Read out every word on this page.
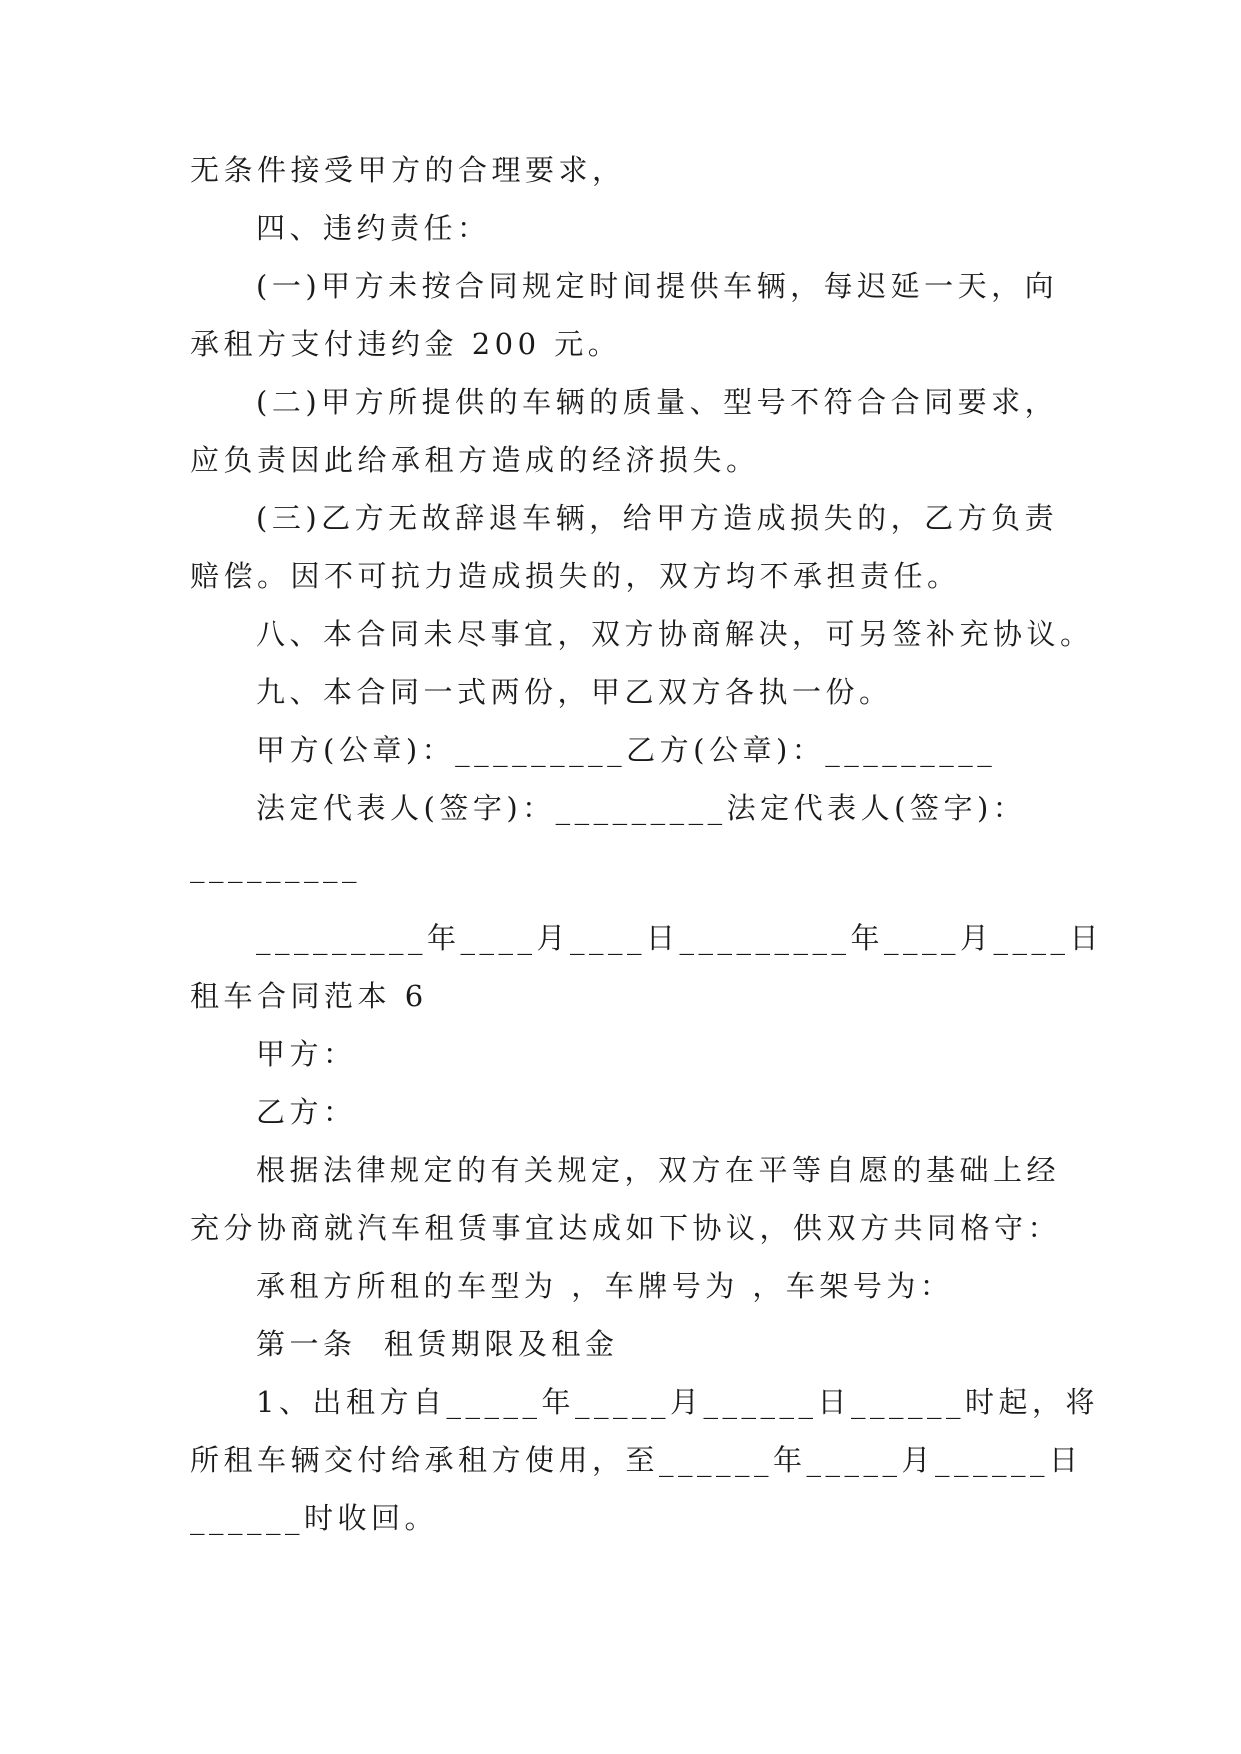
无条件接受甲方的合理要求，
四、违约责任：
(一)甲方未按合同规定时间提供车辆，每迟延一天，向
承租方支付违约金 200 元。
(二)甲方所提供的车辆的质量、型号不符合合同要求，
应负责因此给承租方造成的经济损失。
(三)乙方无故辞退车辆，给甲方造成损失的，乙方负责
赔偿。因不可抗力造成损失的，双方均不承担责任。
八、本合同未尽事宜，双方协商解决，可另签补充协议。
九、本合同一式两份，甲乙双方各执一份。
甲方(公章)：_________乙方(公章)：_________
法定代表人(签字)：_________法定代表人(签字)：
_________
_________年____月____日_________年____月____日
租车合同范本 6
甲方：
乙方：
根据法律规定的有关规定，双方在平等自愿的基础上经
充分协商就汽车租赁事宜达成如下协议，供双方共同格守：
承租方所租的车型为 ，车牌号为 ，车架号为：
第一条  租赁期限及租金
1、出租方自_____年_____月______日______时起，将
所租车辆交付给承租方使用，至______年_____月______日
______时收回。
